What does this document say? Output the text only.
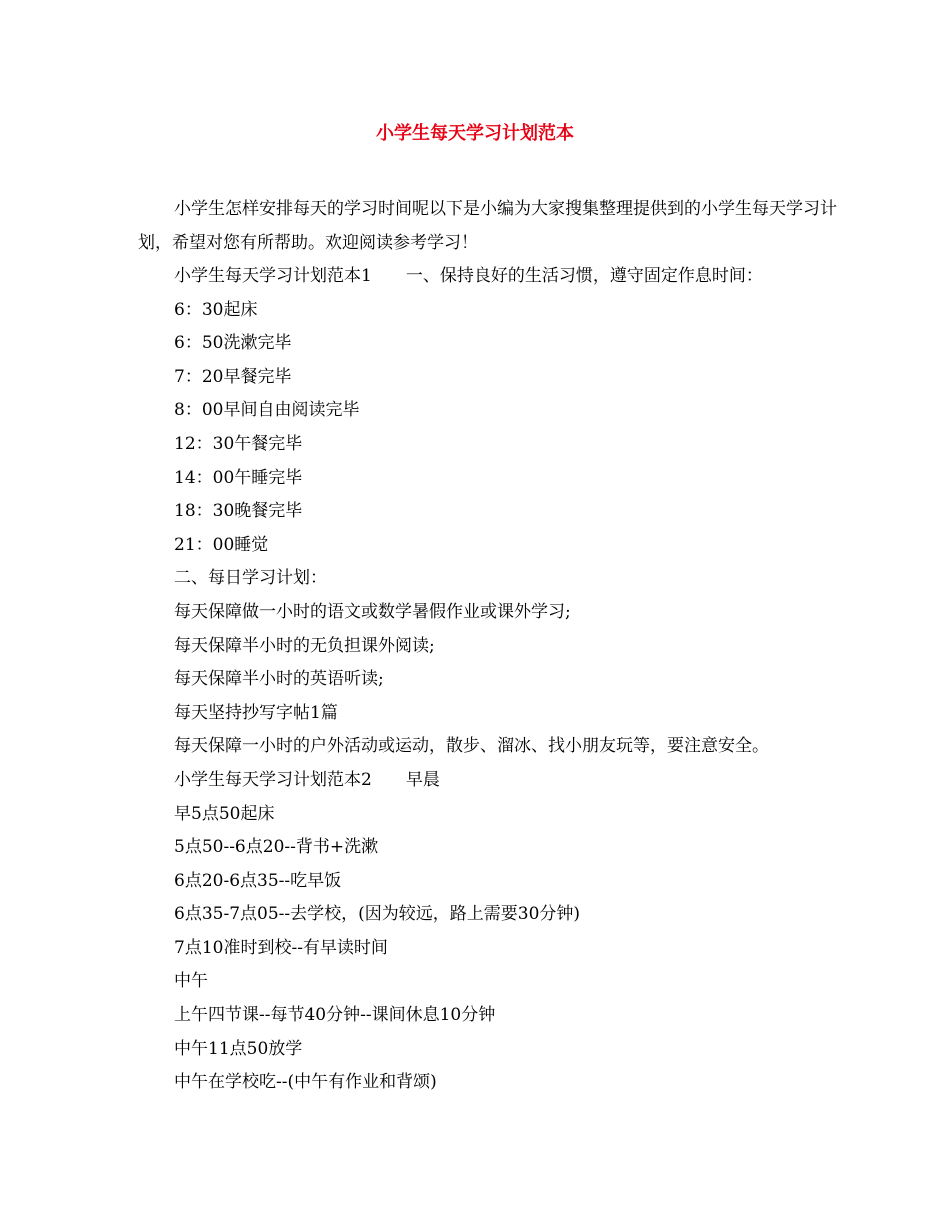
小学生每天学习计划范本

小学生怎样安排每天的学习时间呢以下是小编为大家搜集整理提供到的小学生每天学习计划，希望对您有所帮助。欢迎阅读参考学习！

小学生每天学习计划范本1　　一、保持良好的生活习惯，遵守固定作息时间：
6：30起床
6：50洗漱完毕
7：20早餐完毕
8：00早间自由阅读完毕
12：30午餐完毕
14：00午睡完毕
18：30晚餐完毕
21：00睡觉
二、每日学习计划：
每天保障做一小时的语文或数学暑假作业或课外学习;
每天保障半小时的无负担课外阅读;
每天保障半小时的英语听读;
每天坚持抄写字帖1篇
每天保障一小时的户外活动或运动，散步、溜冰、找小朋友玩等，要注意安全。
小学生每天学习计划范本2　　早晨
早5点50起床
5点50--6点20--背书+洗漱
6点20-6点35--吃早饭
6点35-7点05--去学校，(因为较远，路上需要30分钟)
7点10准时到校--有早读时间
中午
上午四节课--每节40分钟--课间休息10分钟
中午11点50放学
中午在学校吃--(中午有作业和背颂)
